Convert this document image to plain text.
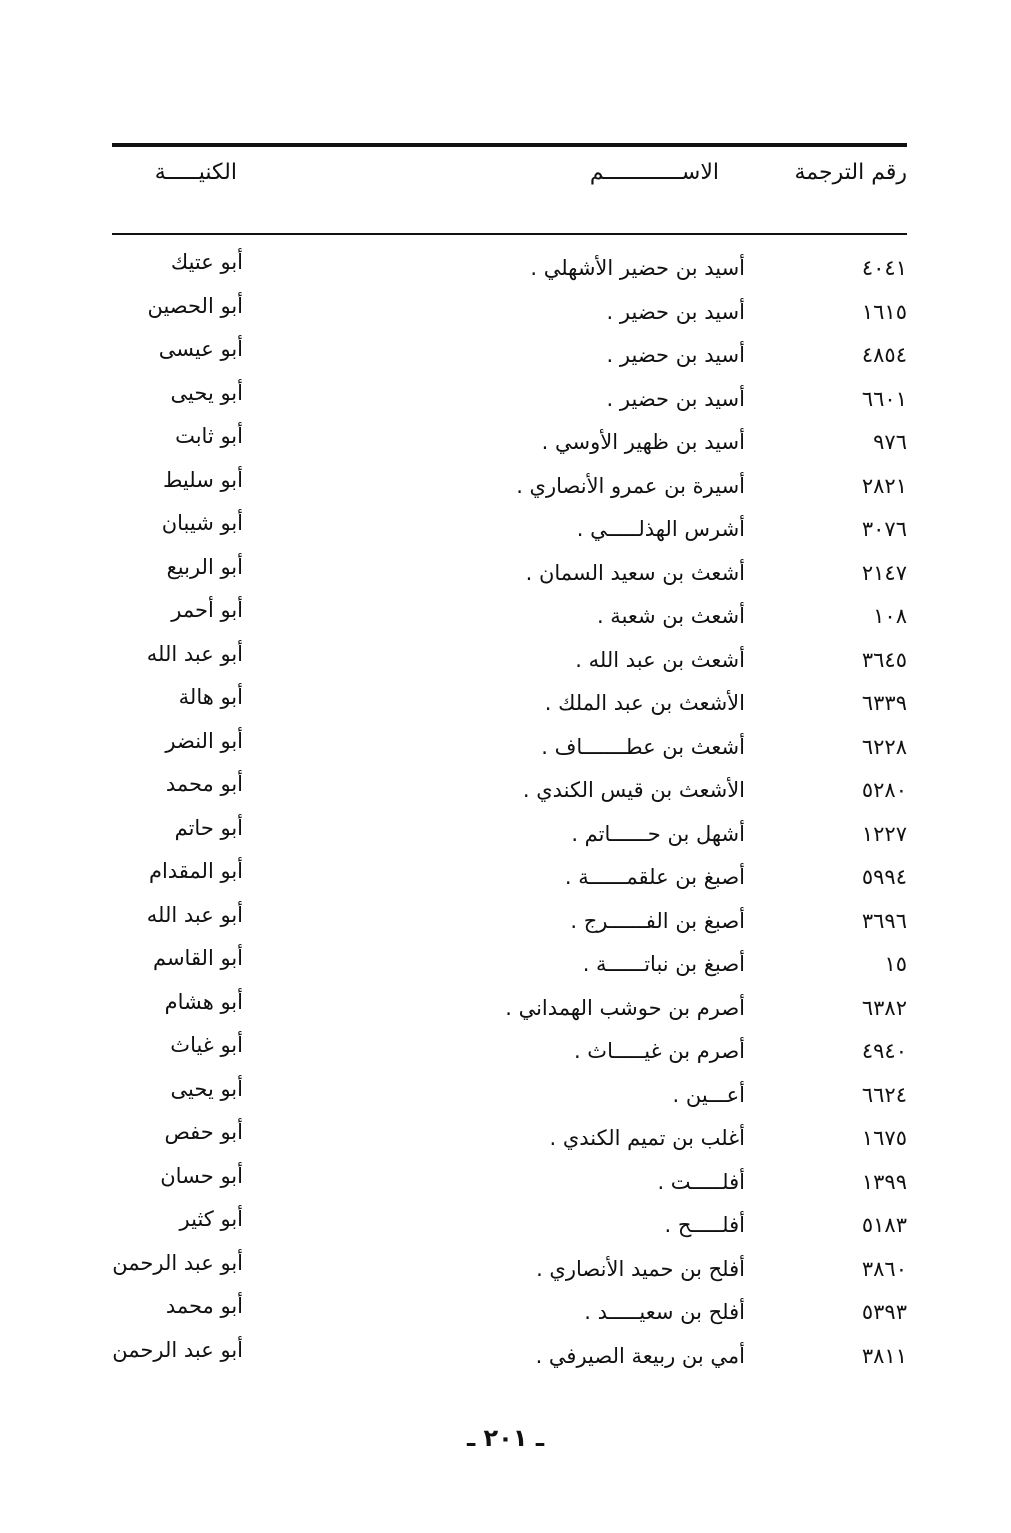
رقم الترجمة
الاســــــــــــم
الكنيـــــة
٤٠٤١
أسيد بن حضير الأشهلي .
أبو عتيك
١٦١٥
أسيد بن حضير .
أبو الحصين
٤٨٥٤
أسيد بن حضير .
أبو عيسى
٦٦٠١
أسيد بن حضير .
أبو يحيى
٩٧٦
أسيد بن ظهير الأوسي .
أبو ثابت
٢٨٢١
أسيرة بن عمرو الأنصاري .
أبو سليط
٣٠٧٦
أشرس الهذلـــــي .
أبو شيبان
٢١٤٧
أشعث بن سعيد السمان .
أبو الربيع
١٠٨
أشعث بن شعبة .
أبو أحمر
٣٦٤٥
أشعث بن عبد الله .
أبو عبد الله
٦٣٣٩
الأشعث بن عبد الملك .
أبو هالة
٦٢٢٨
أشعث بن عطـــــــاف .
أبو النضر
٥٢٨٠
الأشعث بن قيس الكندي .
أبو محمد
١٢٢٧
أشهل بن حــــــاتم .
أبو حاتم
٥٩٩٤
أصبغ بن علقمــــــة .
أبو المقدام
٣٦٩٦
أصبغ بن الفــــــرج .
أبو عبد الله
١٥
أصبغ بن نباتــــــة .
أبو القاسم
٦٣٨٢
أصرم بن حوشب الهمداني .
أبو هشام
٤٩٤٠
أصرم بن غيـــــاث .
أبو غياث
٦٦٢٤
أعـــين .
أبو يحيى
١٦٧٥
أغلب بن تميم الكندي .
أبو حفص
١٣٩٩
أفلـــــت .
أبو حسان
٥١٨٣
أفلـــــح .
أبو كثير
٣٨٦٠
أفلح بن حميد الأنصاري .
أبو عبد الرحمن
٥٣٩٣
أفلح بن سعيـــــد .
أبو محمد
٣٨١١
أمي بن ربيعة الصيرفي .
أبو عبد الرحمن
ـ ٢٠١ ـ
